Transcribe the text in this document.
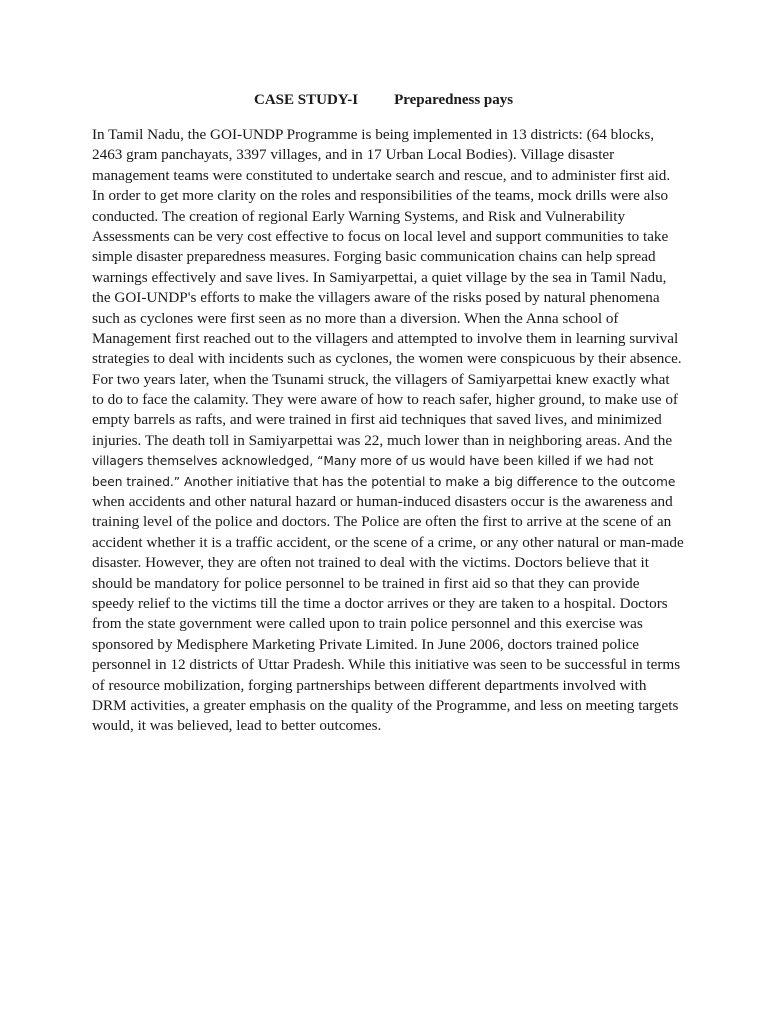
CASE STUDY-I Preparedness pays
In Tamil Nadu, the GOI-UNDP Programme is being implemented in 13 districts: (64 blocks,
2463 gram panchayats, 3397 villages, and in 17 Urban Local Bodies). Village disaster
management teams were constituted to undertake search and rescue, and to administer first aid.
In order to get more clarity on the roles and responsibilities of the teams, mock drills were also
conducted. The creation of regional Early Warning Systems, and Risk and Vulnerability
Assessments can be very cost effective to focus on local level and support communities to take
simple disaster preparedness measures. Forging basic communication chains can help spread
warnings effectively and save lives. In Samiyarpettai, a quiet village by the sea in Tamil Nadu,
the GOI-UNDP's efforts to make the villagers aware of the risks posed by natural phenomena
such as cyclones were first seen as no more than a diversion. When the Anna school of
Management first reached out to the villagers and attempted to involve them in learning survival
strategies to deal with incidents such as cyclones, the women were conspicuous by their absence.
For two years later, when the Tsunami struck, the villagers of Samiyarpettai knew exactly what
to do to face the calamity. They were aware of how to reach safer, higher ground, to make use of
empty barrels as rafts, and were trained in first aid techniques that saved lives, and minimized
injuries. The death toll in Samiyarpettai was 22, much lower than in neighboring areas. And the
villagers themselves acknowledged, “Many more of us would have been killed if we had not
been trained.” Another initiative that has the potential to make a big difference to the outcome
when accidents and other natural hazard or human-induced disasters occur is the awareness and
training level of the police and doctors. The Police are often the first to arrive at the scene of an
accident whether it is a traffic accident, or the scene of a crime, or any other natural or man-made
disaster. However, they are often not trained to deal with the victims. Doctors believe that it
should be mandatory for police personnel to be trained in first aid so that they can provide
speedy relief to the victims till the time a doctor arrives or they are taken to a hospital. Doctors
from the state government were called upon to train police personnel and this exercise was
sponsored by Medisphere Marketing Private Limited. In June 2006, doctors trained police
personnel in 12 districts of Uttar Pradesh. While this initiative was seen to be successful in terms
of resource mobilization, forging partnerships between different departments involved with
DRM activities, a greater emphasis on the quality of the Programme, and less on meeting targets
would, it was believed, lead to better outcomes.
